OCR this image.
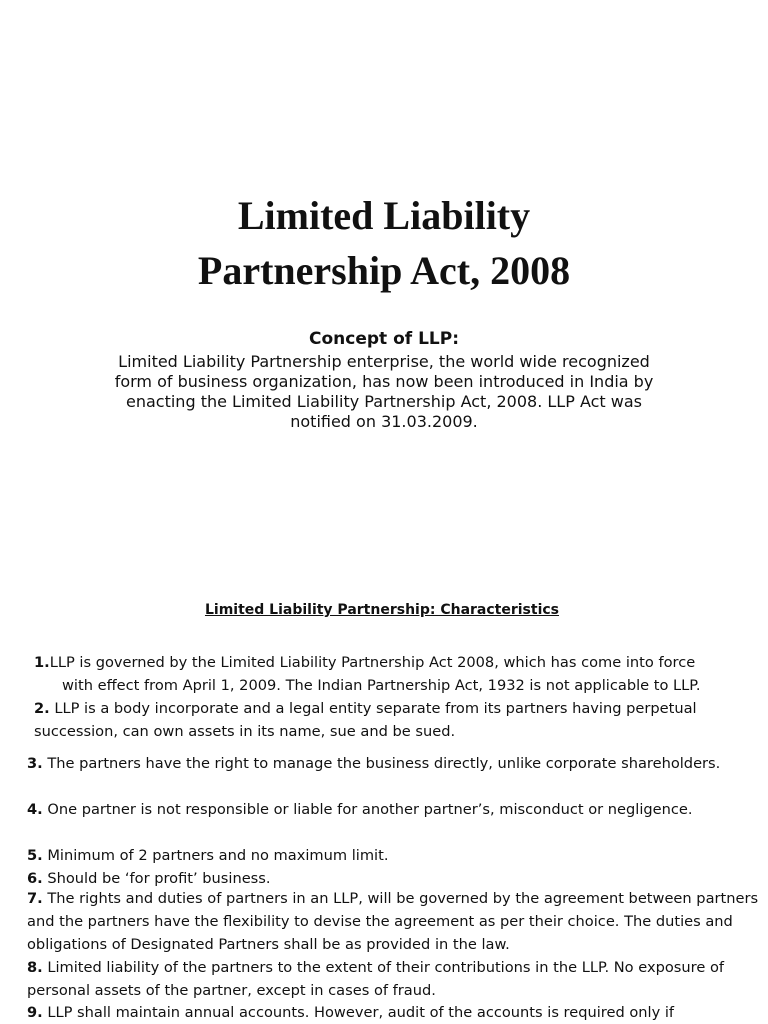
Limited Liability
Partnership Act, 2008
Concept of LLP:
Limited Liability Partnership enterprise, the world wide recognized form of business organization, has now been introduced in India by enacting the Limited Liability Partnership Act, 2008. LLP Act was notified on 31.03.2009.
Limited Liability Partnership: Characteristics

1.LLP is governed by the Limited Liability Partnership Act 2008, which has come into force
with effect from April 1, 2009. The Indian Partnership Act, 1932 is not applicable to LLP.

2. LLP is a body incorporate and a legal entity separate from its partners having perpetual
succession, can own assets in its name, sue and be sued.

3. The partners have the right to manage the business directly, unlike corporate shareholders.

4. One partner is not responsible or liable for another partner’s, misconduct or negligence.

5. Minimum of 2 partners and no maximum limit.

6. Should be ‘for profit’ business.

7. The rights and duties of partners in an LLP, will be governed by the agreement between partners and the partners have the flexibility to devise the agreement as per their choice. The duties and obligations of Designated Partners shall be as provided in the law.

8. Limited liability of the partners to the extent of their contributions in the LLP. No exposure of personal assets of the partner, except in cases of fraud.

9. LLP shall maintain annual accounts. However, audit of the accounts is required only if
